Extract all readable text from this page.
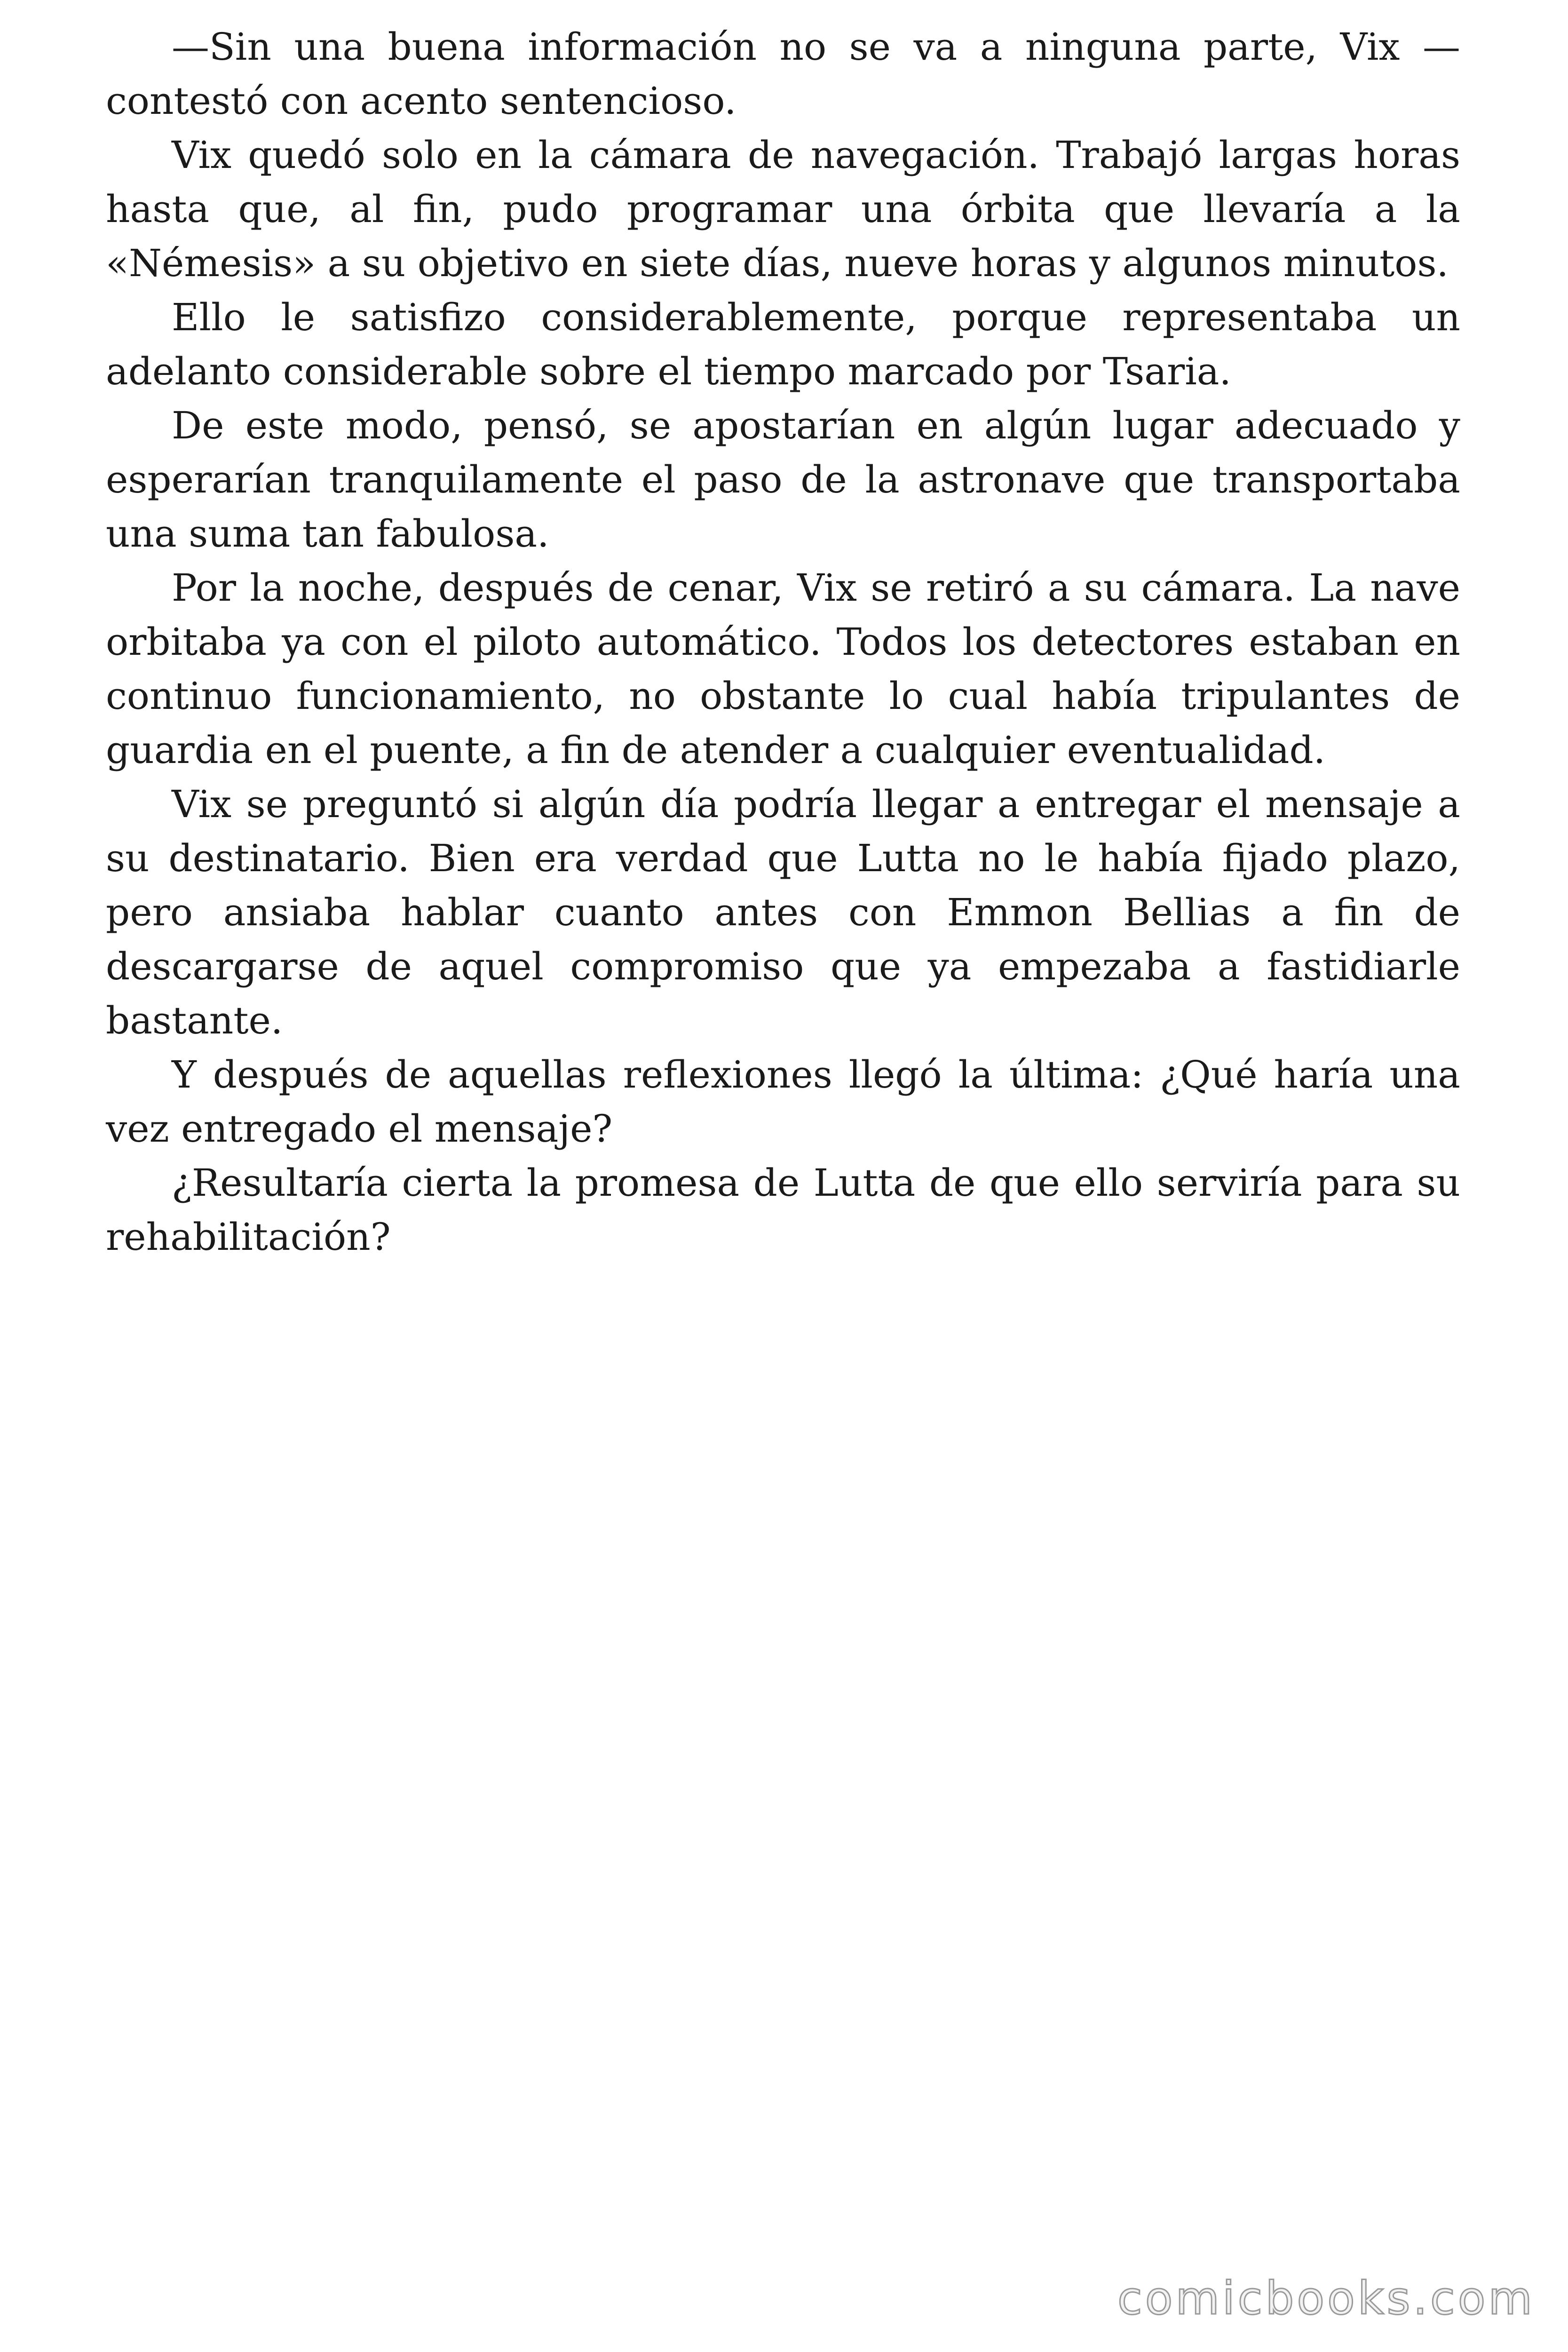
—Sin una buena información no se va a ninguna parte, Vix —contestó con acento sentencioso.

Vix quedó solo en la cámara de navegación. Trabajó largas horas hasta que, al fin, pudo programar una órbita que llevaría a la «Némesis» a su objetivo en siete días, nueve horas y algunos minutos.

Ello le satisfizo considerablemente, porque representaba un adelanto considerable sobre el tiempo marcado por Tsaria.

De este modo, pensó, se apostarían en algún lugar adecuado y esperarían tranquilamente el paso de la astronave que transportaba una suma tan fabulosa.

Por la noche, después de cenar, Vix se retiró a su cámara. La nave orbitaba ya con el piloto automático. Todos los detectores estaban en continuo funcionamiento, no obstante lo cual había tripulantes de guardia en el puente, a fin de atender a cualquier eventualidad.

Vix se preguntó si algún día podría llegar a entregar el mensaje a su destinatario. Bien era verdad que Lutta no le había fijado plazo, pero ansiaba hablar cuanto antes con Emmon Bellias a fin de descargarse de aquel compromiso que ya empezaba a fastidiarle bastante.

Y después de aquellas reflexiones llegó la última: ¿Qué haría una vez entregado el mensaje?

¿Resultaría cierta la promesa de Lutta de que ello serviría para su rehabilitación?

comicbooks.com
